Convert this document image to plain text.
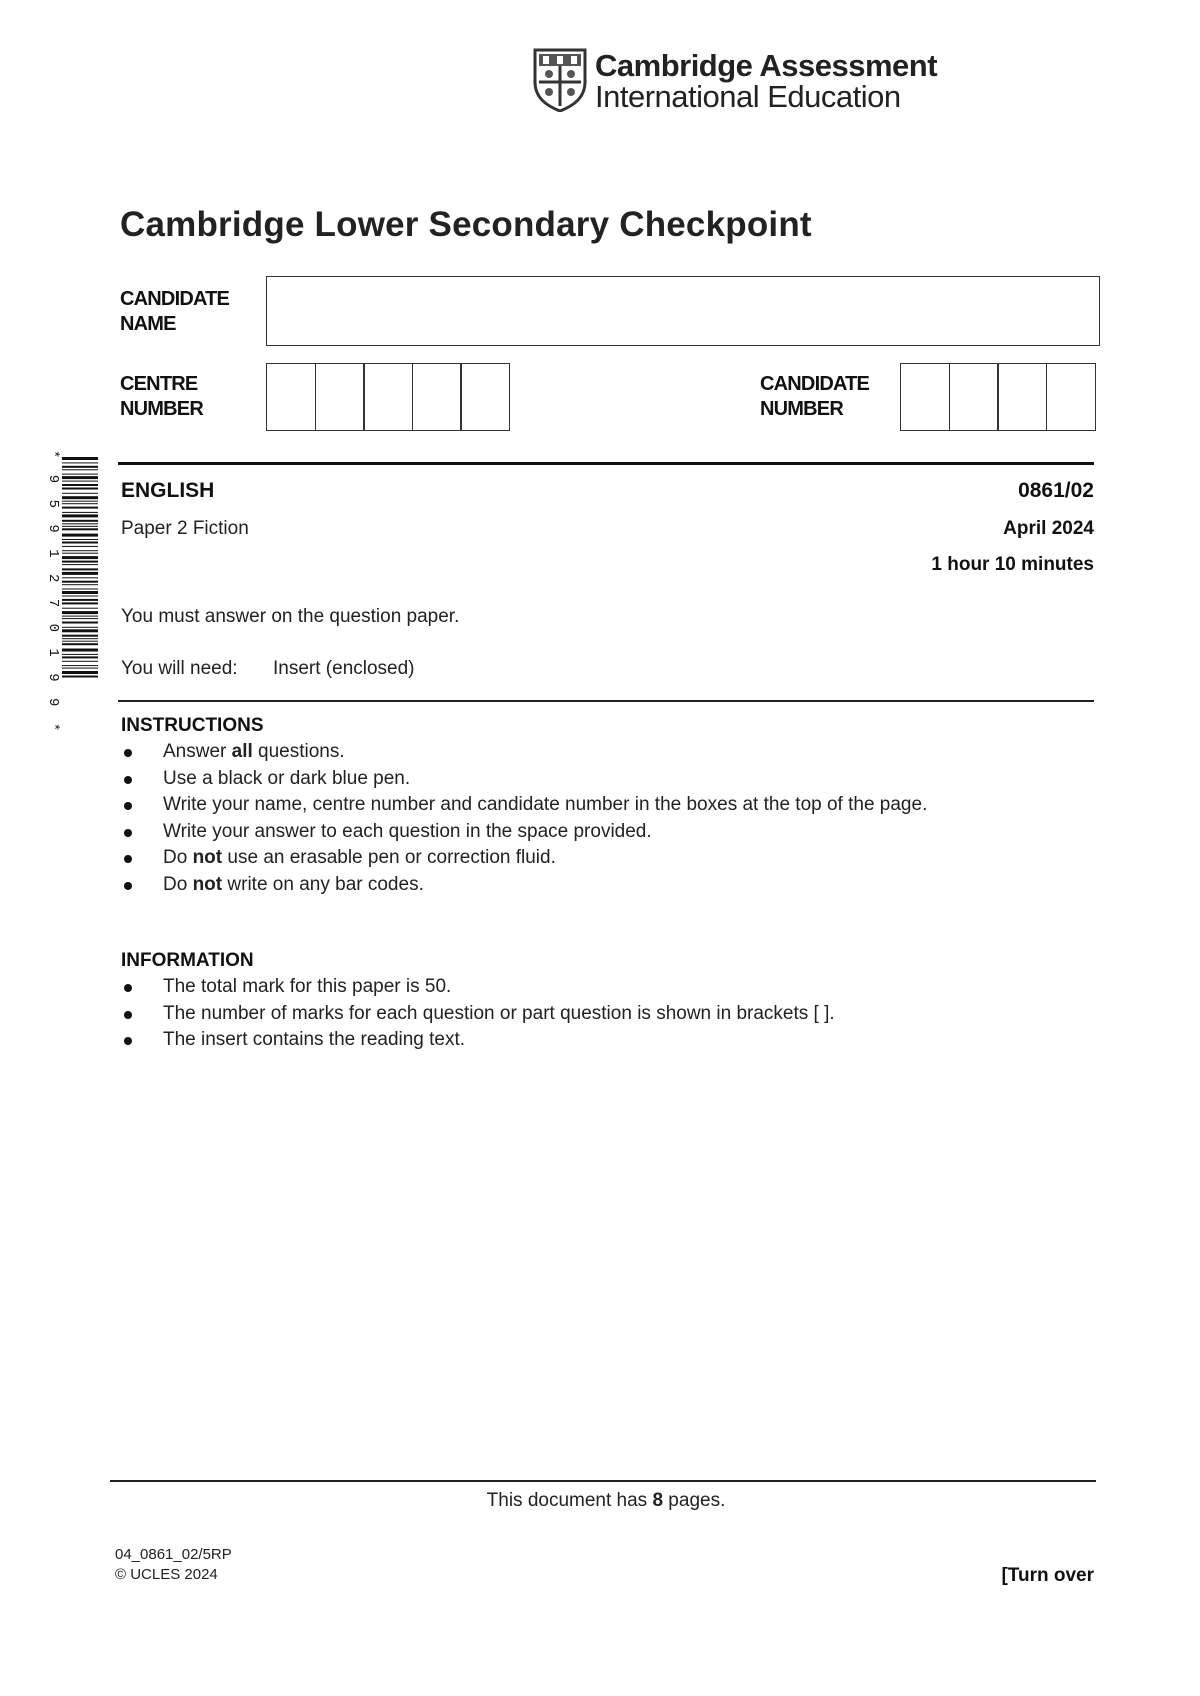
Cambridge Assessment
International Education
Cambridge Lower Secondary Checkpoint
CANDIDATE
NAME
CENTRE
NUMBER
CANDIDATE
NUMBER
* 9 5 9 1 2 7 0 1 9 9 *	ENGLISH	0861/02
Paper 2 Fiction	April 2024
1 hour 10 minutes
You must answer on the question paper.
You will need: Insert (enclosed)
INSTRUCTIONS
Answer all questions.
Use a black or dark blue pen.
Write your name, centre number and candidate number in the boxes at the top of the page.
Write your answer to each question in the space provided.
Do not use an erasable pen or correction fluid.
Do not write on any bar codes.
INFORMATION
The total mark for this paper is 50.
The number of marks for each question or part question is shown in brackets [ ].
The insert contains the reading text.
This document has 8 pages.
04_0861_02/5RP
© UCLES 2024	[Turn over
